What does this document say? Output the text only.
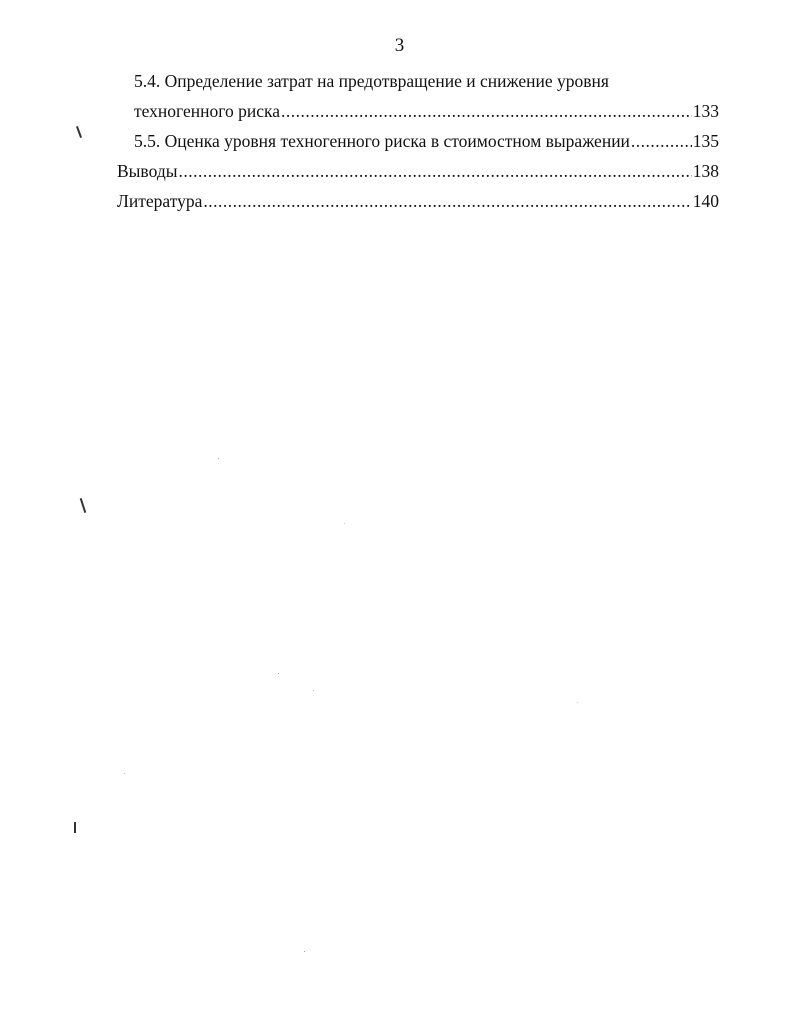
3
5.4. Определение затрат на предотвращение и снижение уровня
техногенного риска .....	133
5.5. Оценка уровня техногенного риска в стоимостном выражении .....	135
Выводы .....	138
Литература .....	140
